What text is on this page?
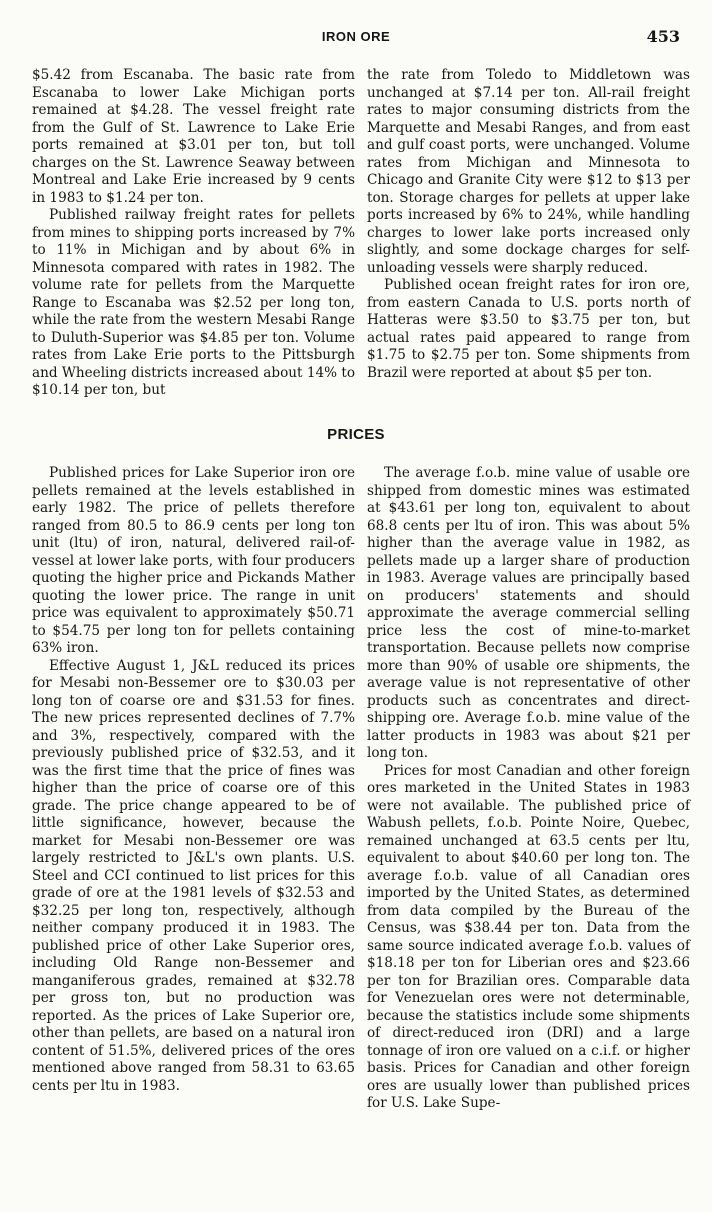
IRON ORE	453

$5.42 from Escanaba. The basic rate from Escanaba to lower Lake Michigan ports remained at $4.28. The vessel freight rate from the Gulf of St. Lawrence to Lake Erie ports remained at $3.01 per ton, but toll charges on the St. Lawrence Seaway between Montreal and Lake Erie increased by 9 cents in 1983 to $1.24 per ton.

Published railway freight rates for pellets from mines to shipping ports increased by 7% to 11% in Michigan and by about 6% in Minnesota compared with rates in 1982. The volume rate for pellets from the Marquette Range to Escanaba was $2.52 per long ton, while the rate from the western Mesabi Range to Duluth-Superior was $4.85 per ton. Volume rates from Lake Erie ports to the Pittsburgh and Wheeling districts increased about 14% to $10.14 per ton, but

the rate from Toledo to Middletown was unchanged at $7.14 per ton. All-rail freight rates to major consuming districts from the Marquette and Mesabi Ranges, and from east and gulf coast ports, were unchanged. Volume rates from Michigan and Minnesota to Chicago and Granite City were $12 to $13 per ton. Storage charges for pellets at upper lake ports increased by 6% to 24%, while handling charges to lower lake ports increased only slightly, and some dockage charges for self-unloading vessels were sharply reduced.

Published ocean freight rates for iron ore, from eastern Canada to U.S. ports north of Hatteras were $3.50 to $3.75 per ton, but actual rates paid appeared to range from $1.75 to $2.75 per ton. Some shipments from Brazil were reported at about $5 per ton.

PRICES

Published prices for Lake Superior iron ore pellets remained at the levels established in early 1982. The price of pellets therefore ranged from 80.5 to 86.9 cents per long ton unit (ltu) of iron, natural, delivered rail-of-vessel at lower lake ports, with four producers quoting the higher price and Pickands Mather quoting the lower price. The range in unit price was equivalent to approximately $50.71 to $54.75 per long ton for pellets containing 63% iron.

Effective August 1, J&L reduced its prices for Mesabi non-Bessemer ore to $30.03 per long ton of coarse ore and $31.53 for fines. The new prices represented declines of 7.7% and 3%, respectively, compared with the previously published price of $32.53, and it was the first time that the price of fines was higher than the price of coarse ore of this grade. The price change appeared to be of little significance, however, because the market for Mesabi non-Bessemer ore was largely restricted to J&L's own plants. U.S. Steel and CCI continued to list prices for this grade of ore at the 1981 levels of $32.53 and $32.25 per long ton, respectively, although neither company produced it in 1983. The published price of other Lake Superior ores, including Old Range non-Bessemer and manganiferous grades, remained at $32.78 per gross ton, but no production was reported. As the prices of Lake Superior ore, other than pellets, are based on a natural iron content of 51.5%, delivered prices of the ores mentioned above ranged from 58.31 to 63.65 cents per ltu in 1983.

The average f.o.b. mine value of usable ore shipped from domestic mines was estimated at $43.61 per long ton, equivalent to about 68.8 cents per ltu of iron. This was about 5% higher than the average value in 1982, as pellets made up a larger share of production in 1983. Average values are principally based on producers' statements and should approximate the average commercial selling price less the cost of mine-to-market transportation. Because pellets now comprise more than 90% of usable ore shipments, the average value is not representative of other products such as concentrates and direct-shipping ore. Average f.o.b. mine value of the latter products in 1983 was about $21 per long ton.

Prices for most Canadian and other foreign ores marketed in the United States in 1983 were not available. The published price of Wabush pellets, f.o.b. Pointe Noire, Quebec, remained unchanged at 63.5 cents per ltu, equivalent to about $40.60 per long ton. The average f.o.b. value of all Canadian ores imported by the United States, as determined from data compiled by the Bureau of the Census, was $38.44 per ton. Data from the same source indicated average f.o.b. values of $18.18 per ton for Liberian ores and $23.66 per ton for Brazilian ores. Comparable data for Venezuelan ores were not determinable, because the statistics include some shipments of direct-reduced iron (DRI) and a large tonnage of iron ore valued on a c.i.f. or higher basis. Prices for Canadian and other foreign ores are usually lower than published prices for U.S. Lake Supe-
